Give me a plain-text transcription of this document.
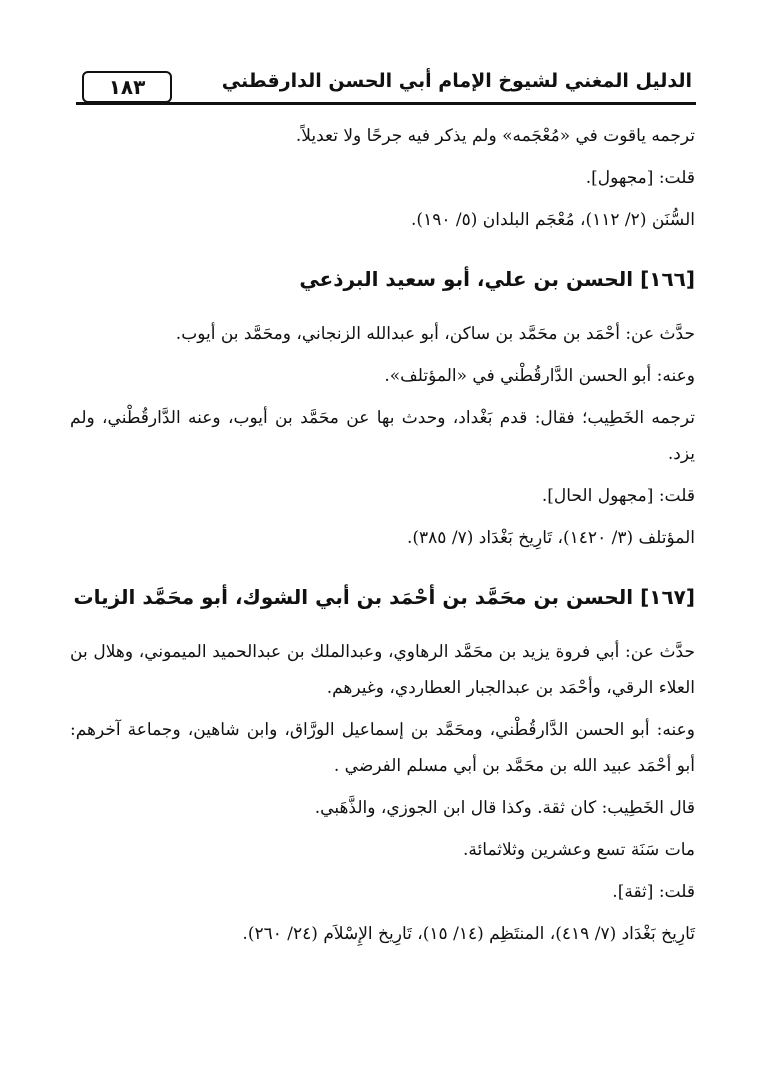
١٨٣	الدليل المغني لشيوخ الإمام أبي الحسن الدارقطني

ترجمه ياقوت في «مُعْجَمه» ولم يذكر فيه جرحًا ولا تعديلاً.

قلت: [مجهول].

السُّنَن (٢/ ١١٢)، مُعْجَم البلدان (٥/ ١٩٠).

[١٦٦] الحسن بن علي، أبو سعيد البرذعي

حدَّث عن: أحْمَد بن محَمَّد بن ساكن، أبو عبدالله الزنجاني، ومحَمَّد بن أيوب.

وعنه: أبو الحسن الدَّارقُطْني في «المؤتلف».

ترجمه الخَطِيب؛ فقال: قدم بَغْداد، وحدث بها عن محَمَّد بن أيوب، وعنه الدَّارقُطْني، ولم يزد.

قلت: [مجهول الحال].

المؤتلف (٣/ ١٤٢٠)، تَارِيخ بَغْدَاد (٧/ ٣٨٥).

[١٦٧] الحسن بن محَمَّد بن أحْمَد بن أبي الشوك، أبو محَمَّد الزيات

حدَّث عن: أبي فروة يزيد بن محَمَّد الرهاوي، وعبدالملك بن عبدالحميد الميموني، وهلال بن العلاء الرقي، وأحْمَد بن عبدالجبار العطاردي، وغيرهم.

وعنه: أبو الحسن الدَّارقُطْني، ومحَمَّد بن إسماعيل الورَّاق، وابن شاهين، وجماعة آخرهم: أبو أحْمَد عبيد الله بن محَمَّد بن أبي مسلم الفرضي .

قال الخَطِيب: كان ثقة. وكذا قال ابن الجوزي، والذَّهَبي.

مات سَنَة تسع وعشرين وثلاثمائة.

قلت: [ثقة].

تَارِيخ بَغْدَاد (٧/ ٤١٩)، المنتَظِم (١٤/ ١٥)، تَارِيخ الإِسْلاَم (٢٤/ ٢٦٠).
